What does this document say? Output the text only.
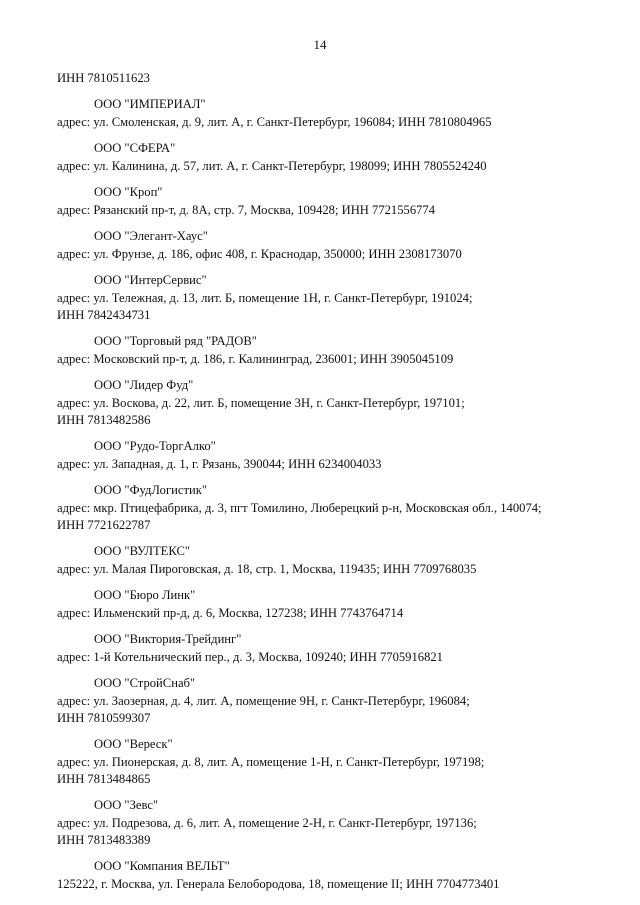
14
ИНН 7810511623
ООО "ИМПЕРИАЛ"
адрес: ул. Смоленская, д. 9, лит. А, г. Санкт-Петербург, 196084; ИНН 7810804965
ООО "СФЕРА"
адрес: ул. Калинина, д. 57, лит. А, г. Санкт-Петербург, 198099; ИНН 7805524240
ООО "Кроп"
адрес: Рязанский пр-т, д. 8А, стр. 7, Москва, 109428; ИНН 7721556774
ООО "Элегант-Хаус"
адрес: ул. Фрунзе, д. 186, офис 408, г. Краснодар, 350000; ИНН 2308173070
ООО "ИнтерСервис"
адрес: ул. Тележная, д. 13, лит. Б, помещение 1Н, г. Санкт-Петербург, 191024;
ИНН 7842434731
ООО "Торговый ряд "РАДОВ"
адрес: Московский пр-т, д. 186, г. Калининград, 236001; ИНН 3905045109
ООО "Лидер Фуд"
адрес: ул. Воскова, д. 22, лит. Б, помещение 3Н, г. Санкт-Петербург, 197101;
ИНН 7813482586
ООО "Рудо-ТоргАлко"
адрес: ул. Западная, д. 1, г. Рязань, 390044; ИНН 6234004033
ООО "ФудЛогистик"
адрес: мкр. Птицефабрика, д. 3, пгт Томилино, Люберецкий р-н, Московская обл., 140074;
ИНН 7721622787
ООО "ВУЛТЕКС"
адрес: ул. Малая Пироговская, д. 18, стр. 1, Москва, 119435; ИНН 7709768035
ООО "Бюро Линк"
адрес: Ильменский пр-д, д. 6, Москва, 127238; ИНН 7743764714
ООО "Виктория-Трейдинг"
адрес: 1-й Котельнический пер., д. 3, Москва, 109240; ИНН 7705916821
ООО "СтройСнаб"
адрес: ул. Заозерная, д. 4, лит. А, помещение 9Н, г. Санкт-Петербург, 196084;
ИНН 7810599307
ООО "Вереск"
адрес: ул. Пионерская, д. 8, лит. А, помещение 1-Н, г. Санкт-Петербург, 197198;
ИНН 7813484865
ООО "Зевс"
адрес: ул. Подрезова, д. 6, лит. А, помещение 2-Н, г. Санкт-Петербург, 197136;
ИНН 7813483389
ООО "Компания ВЕЛЬТ"
125222, г. Москва, ул. Генерала Белобородова, 18, помещение II; ИНН 7704773401
